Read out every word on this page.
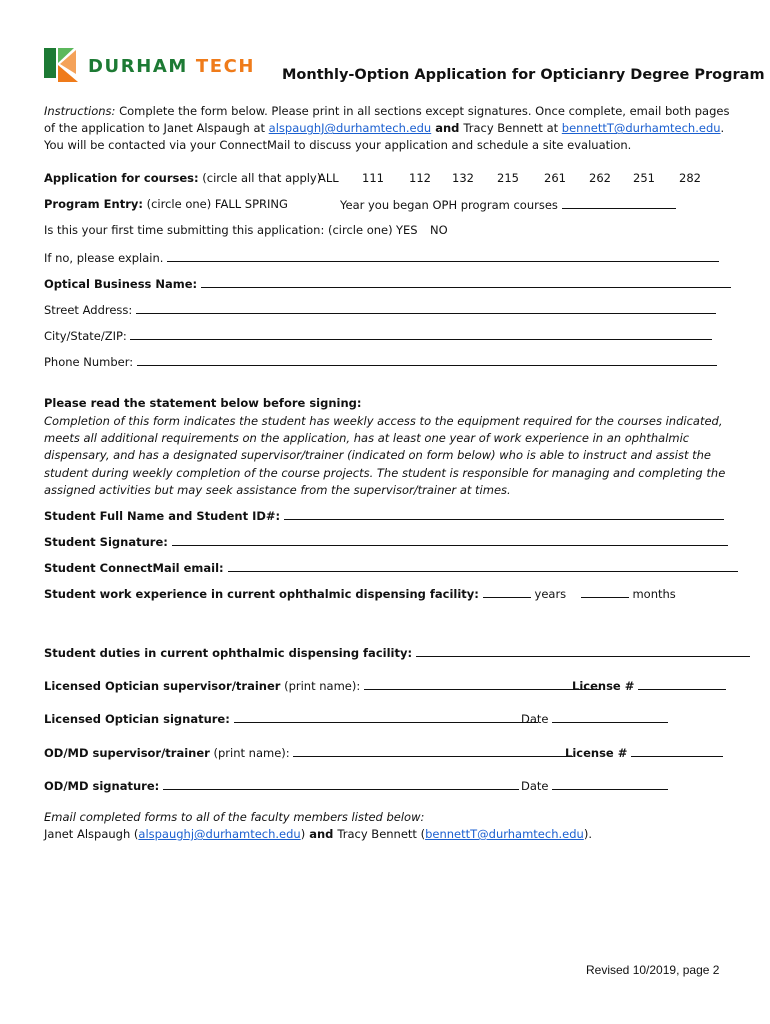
DURHAM TECH Monthly-Option Application for Opticianry Degree Program
Instructions: Complete the form below. Please print in all sections except signatures. Once complete, email both pages of the application to Janet Alspaugh at alspaughJ@durhamtech.edu and Tracy Bennett at bennettT@durhamtech.edu. You will be contacted via your ConnectMail to discuss your application and schedule a site evaluation.
Application for courses: (circle all that apply)
ALL 111 112 132 215 261 262 251 282
Program Entry: (circle one) FALL SPRING	Year you began OPH program courses
Is this your first time submitting this application: (circle one) YES NO
If no, please explain.
Optical Business Name:
Street Address:
City/State/ZIP:
Phone Number:
Please read the statement below before signing:
Completion of this form indicates the student has weekly access to the equipment required for the courses indicated, meets all additional requirements on the application, has at least one year of work experience in an ophthalmic dispensary, and has a designated supervisor/trainer (indicated on form below) who is able to instruct and assist the student during weekly completion of the course projects. The student is responsible for managing and completing the assigned activities but may seek assistance from the supervisor/trainer at times.
Student Full Name and Student ID#:
Student Signature:
Student ConnectMail email:
Student work experience in current ophthalmic dispensing facility:	years	months
Student duties in current ophthalmic dispensing facility:
Licensed Optician supervisor/trainer (print name):	License #
Licensed Optician signature:	Date
OD/MD supervisor/trainer (print name):	License #
OD/MD signature:	Date
Email completed forms to all of the faculty members listed below:
Janet Alspaugh (alspaughj@durhamtech.edu) and Tracy Bennett (bennettT@durhamtech.edu).
Revised 10/2019, page 2
